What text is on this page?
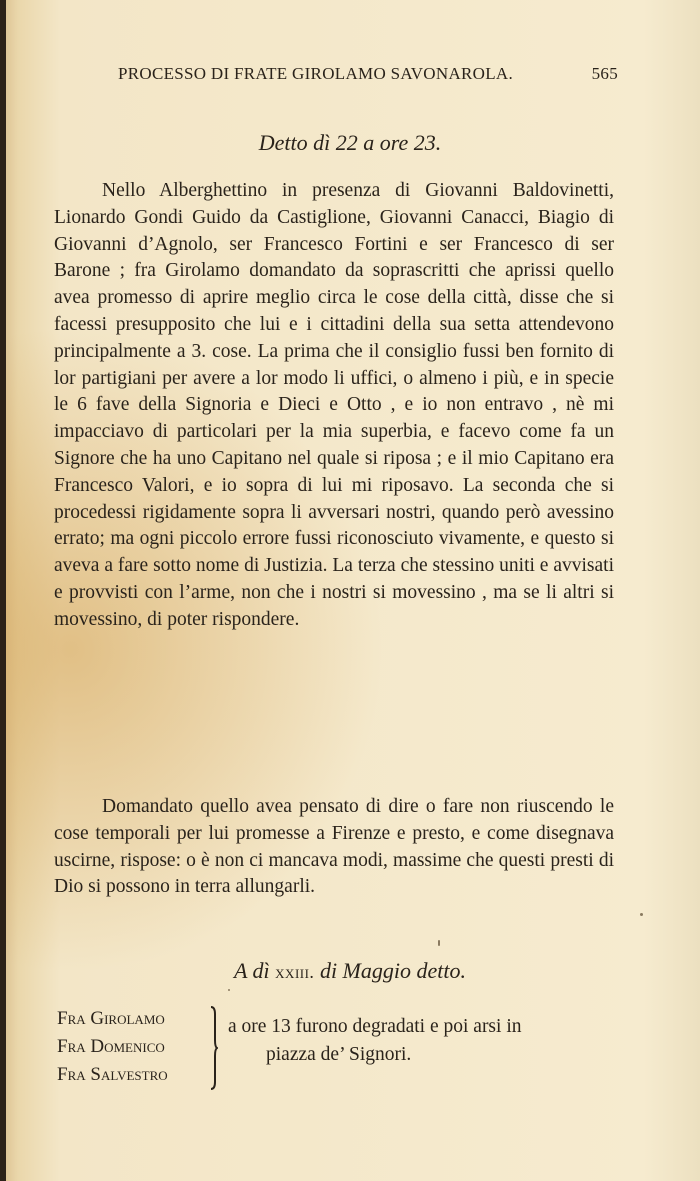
PROCESSO DI FRATE GIROLAMO SAVONAROLA.	565
Detto dì 22 a ore 23.

Nello Alberghettino in presenza di Giovanni Baldovinetti, Lionardo Gondi Guido da Castiglione, Giovanni Canacci, Biagio di Giovanni d’Agnolo, ser Francesco Fortini e ser Francesco di ser Barone ; fra Girolamo domandato da soprascritti che aprissi quello avea promesso di aprire meglio circa le cose della città, disse che si facessi presupposito che lui e i cittadini della sua setta attendevono principalmente a 3. cose. La prima che il consiglio fussi ben fornito di lor partigiani per avere a lor modo li uffici, o almeno i più, e in specie le 6 fave della Signoria e Dieci e Otto , e io non entravo , nè mi impacciavo di particolari per la mia superbia, e facevo come fa un Signore che ha uno Capitano nel quale si riposa ; e il mio Capitano era Francesco Valori, e io sopra di lui mi riposavo. La seconda che si procedessi rigidamente sopra li avversari nostri, quando però avessino errato; ma ogni piccolo errore fussi riconosciuto vivamente, e questo si aveva a fare sotto nome di Justizia. La terza che stessino uniti e avvisati e provvisti con l’arme, non che i nostri si movessino , ma se li altri si movessino, di poter rispondere.

Domandato quello avea pensato di dire o fare non riuscendo le cose temporali per lui promesse a Firenze e presto, e come disegnava uscirne, rispose: o è non ci mancava modi, massime che questi presti di Dio si possono in terra allungarli.

A dì xxiii. di Maggio detto.
Fra Girolamo
Fra Domenico
Fra Salvestro
a ore 13 furono degradati e poi arsi in
piazza de’ Signori.
